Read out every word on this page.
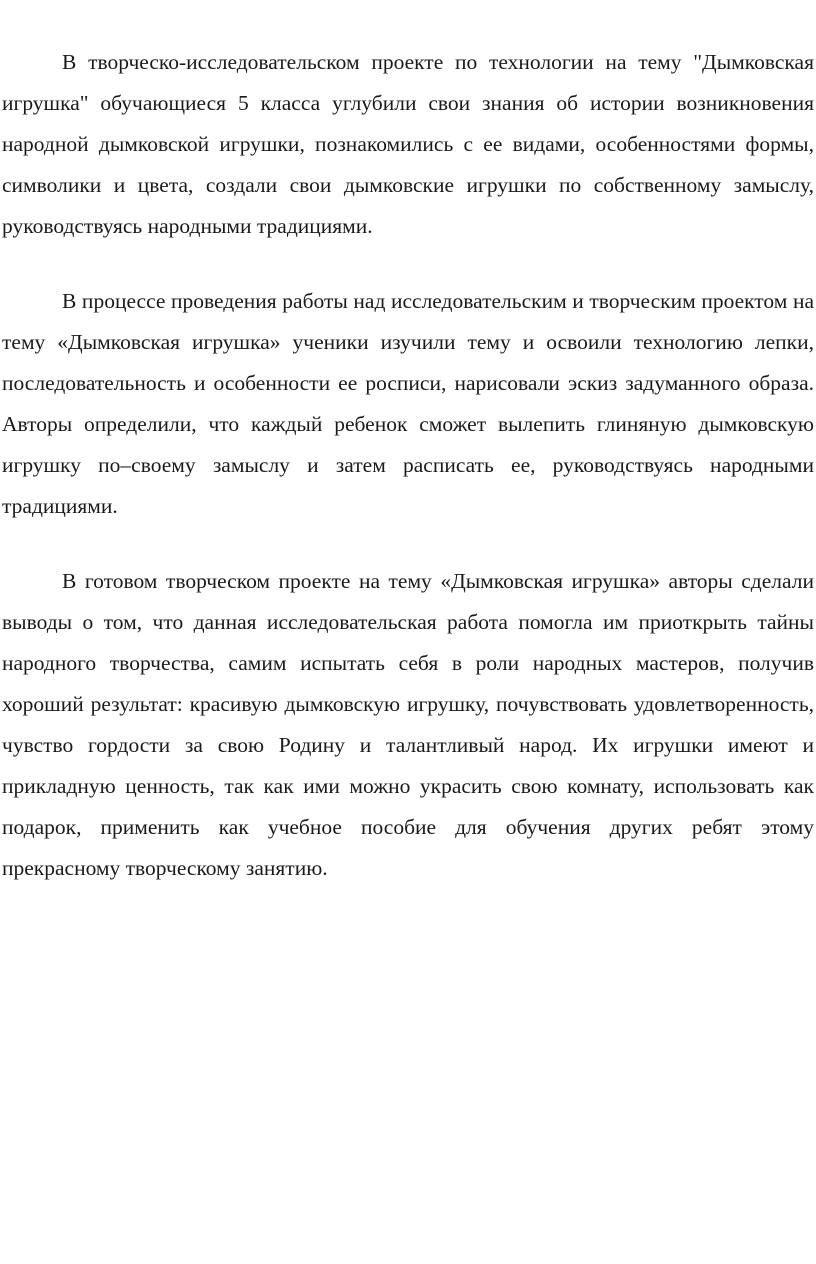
В творческо-исследовательском проекте по технологии на тему "Дымковская игрушка" обучающиеся 5 класса углубили свои знания об истории возникновения народной дымковской игрушки, познакомились с ее видами, особенностями формы, символики и цвета, создали свои дымковские игрушки по собственному замыслу, руководствуясь народными традициями.

В процессе проведения работы над исследовательским и творческим проектом на тему «Дымковская игрушка» ученики изучили тему и освоили технологию лепки, последовательность и особенности ее росписи, нарисовали эскиз задуманного образа. Авторы определили, что каждый ребенок сможет вылепить глиняную дымковскую игрушку по–своему замыслу и затем расписать ее, руководствуясь народными традициями.

В готовом творческом проекте на тему «Дымковская игрушка» авторы сделали выводы о том, что данная исследовательская работа помогла им приоткрыть тайны народного творчества, самим испытать себя в роли народных мастеров, получив хороший результат: красивую дымковскую игрушку, почувствовать удовлетворенность, чувство гордости за свою Родину и талантливый народ. Их игрушки имеют и прикладную ценность, так как ими можно украсить свою комнату, использовать как подарок, применить как учебное пособие для обучения других ребят этому прекрасному творческому занятию.
